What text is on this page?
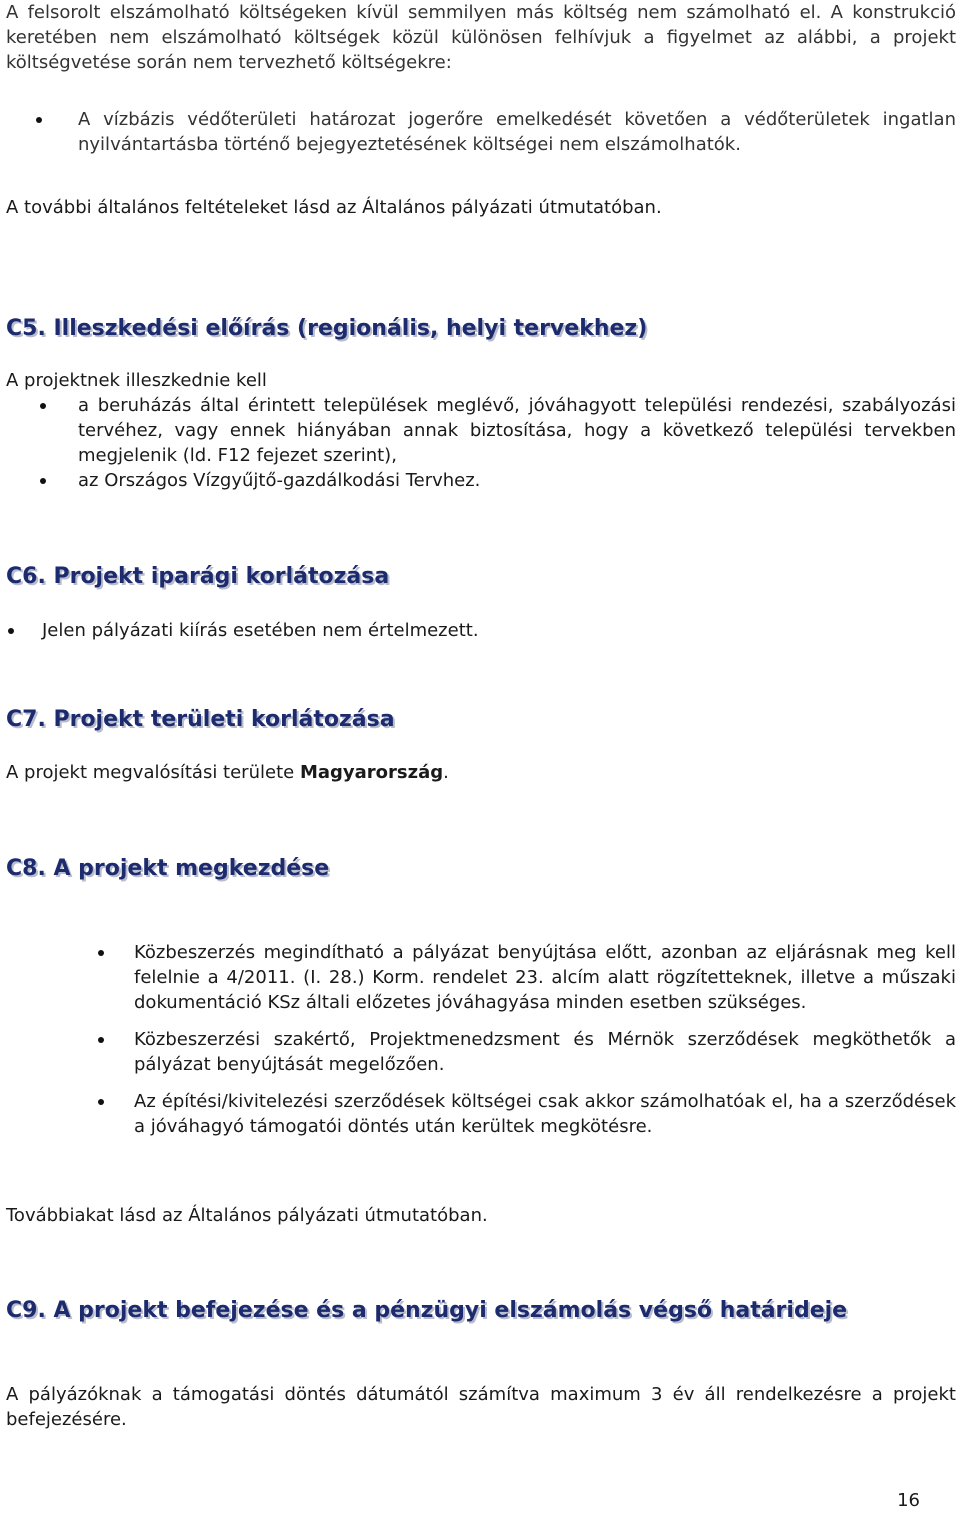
A felsorolt elszámolható költségeken kívül semmilyen más költség nem számolható el. A konstrukció keretében nem elszámolható költségek közül különösen felhívjuk a figyelmet az alábbi, a projekt költségvetése során nem tervezhető költségekre:

A vízbázis védőterületi határozat jogerőre emelkedését követően a védőterületek ingatlan nyilvántartásba történő bejegyeztetésének költségei nem elszámolhatók.

A további általános feltételeket lásd az Általános pályázati útmutatóban.

C5. Illeszkedési előírás (regionális, helyi tervekhez)

A projektnek illeszkednie kell

a beruházás által érintett települések meglévő, jóváhagyott települési rendezési, szabályozási tervéhez, vagy ennek hiányában annak biztosítása, hogy a következő települési tervekben megjelenik (ld. F12 fejezet szerint),
az Országos Vízgyűjtő-gazdálkodási Tervhez.
C6. Projekt iparági korlátozása
Jelen pályázati kiírás esetében nem értelmezett.
C7. Projekt területi korlátozása

A projekt megvalósítási területe Magyarország.

C8. A projekt megkezdése
Közbeszerzés megindítható a pályázat benyújtása előtt, azonban az eljárásnak meg kell felelnie a 4/2011. (I. 28.) Korm. rendelet 23. alcím alatt rögzítetteknek, illetve a műszaki dokumentáció KSz általi előzetes jóváhagyása minden esetben szükséges.
Közbeszerzési szakértő, Projektmenedzsment és Mérnök szerződések megköthetők a pályázat benyújtását megelőzően.
Az építési/kivitelezési szerződések költségei csak akkor számolhatóak el, ha a szerződések a jóváhagyó támogatói döntés után kerültek megkötésre.

Továbbiakat lásd az Általános pályázati útmutatóban.

C9. A projekt befejezése és a pénzügyi elszámolás végső határideje

A pályázóknak a támogatási döntés dátumától számítva maximum 3 év áll rendelkezésre a projekt befejezésére.

16
